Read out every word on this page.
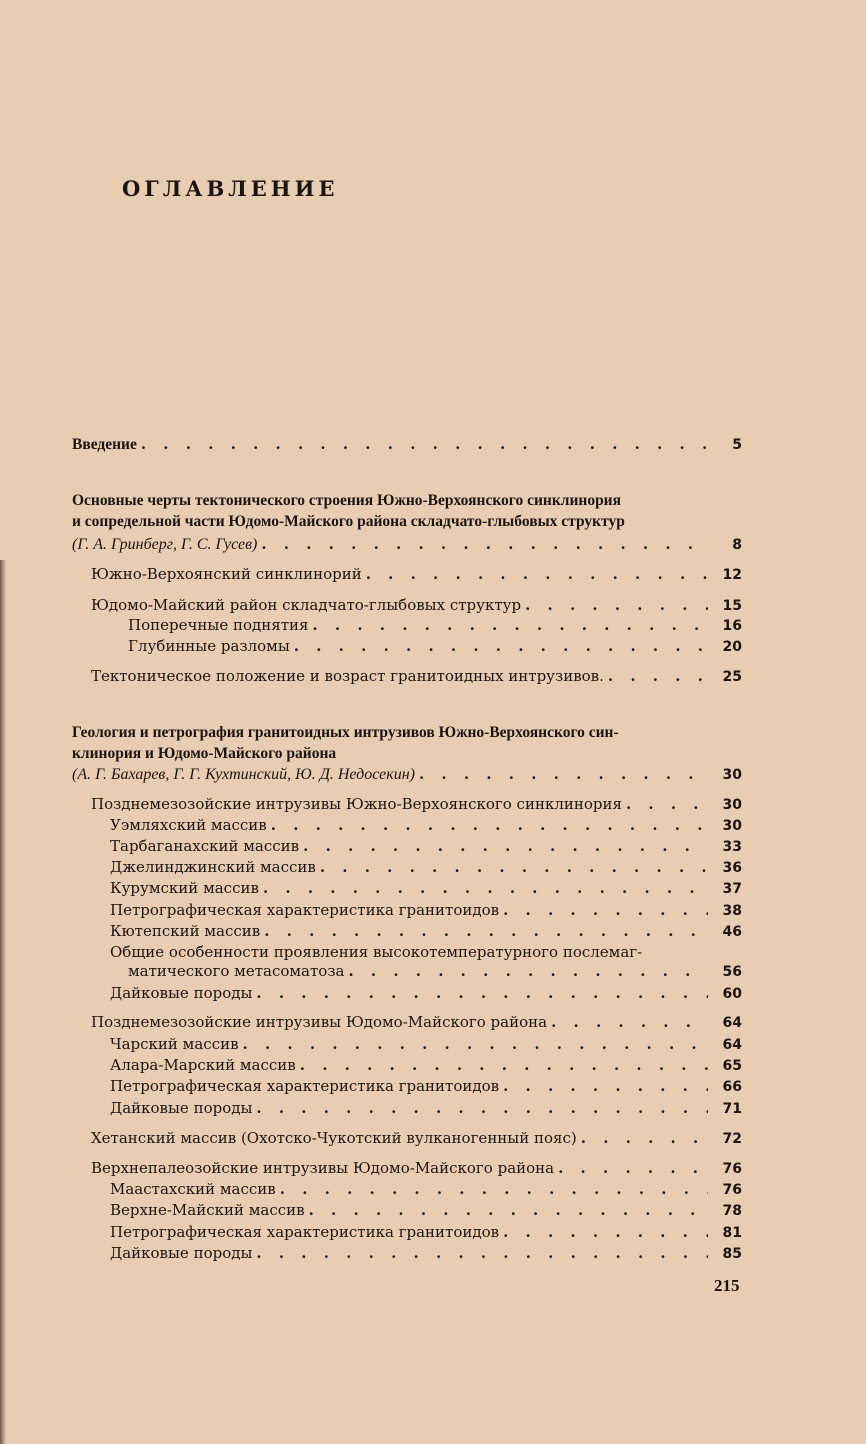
ОГЛАВЛЕНИЕ
Введение . . .	5
Основные черты тектонического строения Южно-Верхоянского синклинория
и сопредельной части Юдомо-Майского района складчато-глыбовых структур
(Г. А. Гринберг, Г. С. Гусев) . . .	8
Южно-Верхоянский синклинорий . . .	12
Юдомо-Майский район складчато-глыбовых структур . . .	15
Поперечные поднятия . . .	16
Глубинные разломы . . .	20
Тектоническое положение и возраст гранитоидных интрузивов. . . .	25
Геология и петрография гранитоидных интрузивов Южно-Верхоянского син-
клинория и Юдомо-Майского района
(А. Г. Бахарев, Г. Г. Кухтинский, Ю. Д. Недосекин) . . .	30
Позднемезозойские интрузивы Южно-Верхоянского синклинория . . .	30
Уэмляхский массив . . .	30
Тарбаганахский массив . . .	33
Джелинджинский массив . . .	36
Курумский массив . . .	37
Петрографическая характеристика гранитоидов . . .	38
Кютепский массив . . .	46
Общие особенности проявления высокотемпературного послемаг-
матического метасоматоза . . .	56
Дайковые породы . . .	60
Позднемезозойские интрузивы Юдомо-Майского района . . .	64
Чарский массив . . .	64
Алара-Марский массив . . .	65
Петрографическая характеристика гранитоидов . . .	66
Дайковые породы . . .	71
Хетанский массив (Охотско-Чукотский вулканогенный пояс) . . .	72
Верхнепалеозойские интрузивы Юдомо-Майского района . . .	76
Маастахский массив . . .	76
Верхне-Майский массив . . .	78
Петрографическая характеристика гранитоидов . . .	81
Дайковые породы . . .	85
215
